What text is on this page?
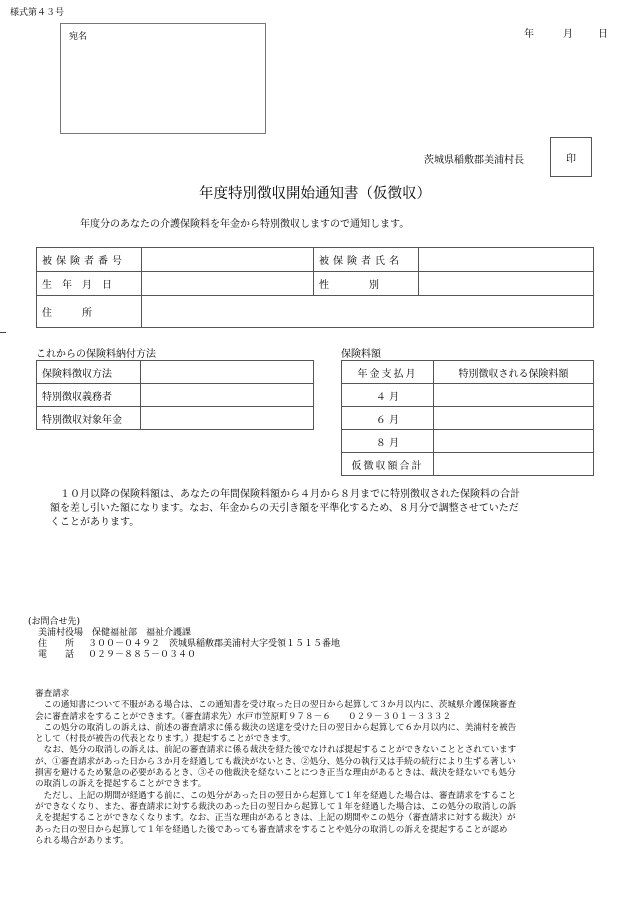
様式第４３号
年	月	日
宛名
茨城県稲敷郡美浦村長	印
年度特別徴収開始通知書（仮徴収）
年度分のあなたの介護保険料を年金から特別徴収しますので通知します。
被保険者番号		被保険者氏名	
生　年　月　日		性　　　　別	
住　　　所			
これからの保険料納付方法	保険料額
保険料徴収方法	
特別徴収義務者	
特別徴収対象年金	
年金支払月	特別徴収される保険料額
４ 月	
６ 月	
８ 月	
仮徴収額合計	
１０月以降の保険料額は、あなたの年間保険料額から４月から８月までに特別徴収された保険料の合計
額を差し引いた額になります。なお、年金からの天引き額を平準化するため、８月分で調整させていただ
くことがあります。
(お問合せ先)
美浦村役場　保健福祉部　福祉介護課
住　　所 ３００－０４９２　茨城県稲敷郡美浦村大字受領１５１５番地
電　　話 ０２９－８８５－０３４０
審査請求
　この通知書について不服がある場合は、この通知書を受け取った日の翌日から起算して３か月以内に、茨城県介護保険審査
会に審査請求をすることができます。（審査請求先）水戸市笠原町９７８－６　　０２９－３０１－３３３２
　この処分の取消しの訴えは、前述の審査請求に係る裁決の送達を受けた日の翌日から起算して６か月以内に、美浦村を被告
として（村長が被告の代表となります。）提起することができます。
　なお、処分の取消しの訴えは、前記の審査請求に係る裁決を経た後でなければ提起することができないこととされています
が、①審査請求があった日から３か月を経過しても裁決がないとき、②処分、処分の執行又は手続の続行により生ずる著しい
損害を避けるため緊急の必要があるとき、③その他裁決を経ないことにつき正当な理由があるときは、裁決を経ないでも処分
の取消しの訴えを提起することができます。
　ただし、上記の期間が経過する前に、この処分があった日の翌日から起算して１年を経過した場合は、審査請求をすること
ができなくなり、また、審査請求に対する裁決のあった日の翌日から起算して１年を経過した場合は、この処分の取消しの訴
えを提起することができなくなります。なお、正当な理由があるときは、上記の期間やこの処分（審査請求に対する裁決）が
あった日の翌日から起算して１年を経過した後であっても審査請求をすることや処分の取消しの訴えを提起することが認め
られる場合があります。
